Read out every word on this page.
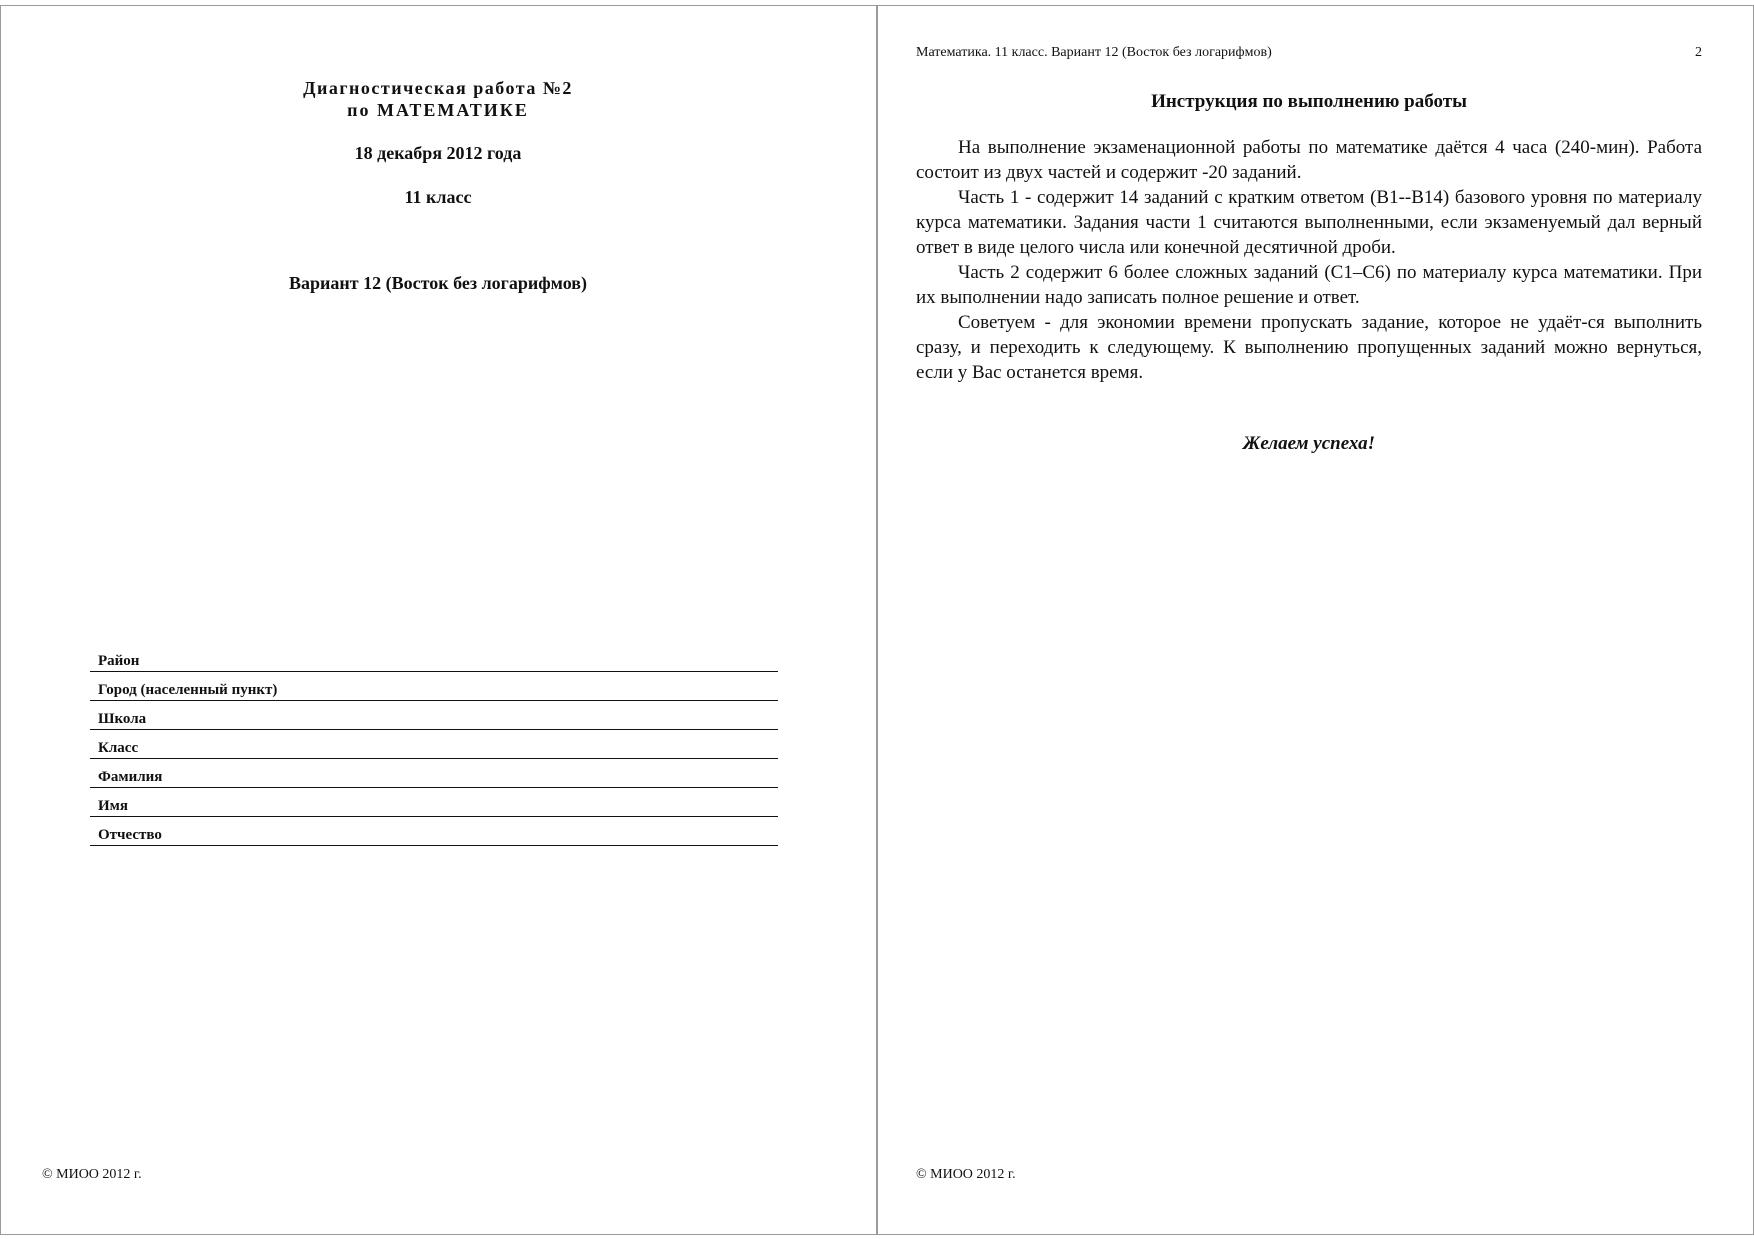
Диагностическая работа №2
по МАТЕМАТИКЕ
18 декабря 2012 года
11 класс
Вариант 12 (Восток без логарифмов)
Район
Город (населенный пункт)
Школа
Класс
Фамилия
Имя
Отчество
© МИОО 2012 г.
Математика. 11 класс. Вариант 12 (Восток без логарифмов)	2
Инструкция по выполнению работы

На выполнение экзаменационной работы по математике даётся 4 часа (240-мин). Работа состоит из двух частей и содержит -20 заданий.

Часть 1 - содержит 14 заданий с кратким ответом (B1--B14) базового уровня по материалу курса математики. Задания части 1 считаются выполненными, если экзаменуемый дал верный ответ в виде целого числа или конечной десятичной дроби.

Часть 2 содержит 6 более сложных заданий (С1–С6) по материалу курса математики. При их выполнении надо записать полное решение и ответ.

Советуем - для экономии времени пропускать задание, которое не удаёт-ся выполнить сразу, и переходить к следующему. К выполнению пропущенных заданий можно вернуться, если у Вас останется время.

Желаем успеха!
© МИОО 2012 г.
